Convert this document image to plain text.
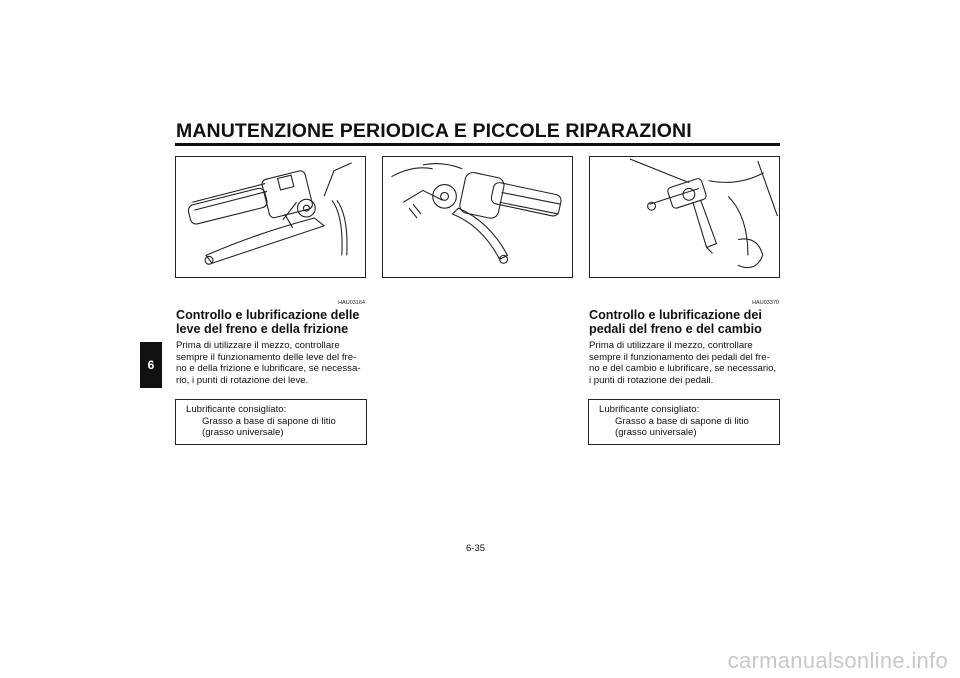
MANUTENZIONE PERIODICA E PICCOLE RIPARAZIONI
6
HAU03164
Controllo e lubrificazione delle
leve del freno e della frizione
Prima di utilizzare il mezzo, controllare
sempre il funzionamento delle leve del fre-
no e della frizione e lubrificare, se necessa-
rio, i punti di rotazione dei leve.
Lubrificante consigliato:
Grasso a base di sapone di litio
(grasso universale)
HAU03370
Controllo e lubrificazione dei
pedali del freno e del cambio
Prima di utilizzare il mezzo, controllare
sempre il funzionamento dei pedali del fre-
no e del cambio e lubrificare, se necessario,
i punti di rotazione dei pedali.
Lubrificante consigliato:
Grasso a base di sapone di litio
(grasso universale)
6-35
carmanualsonline.info
